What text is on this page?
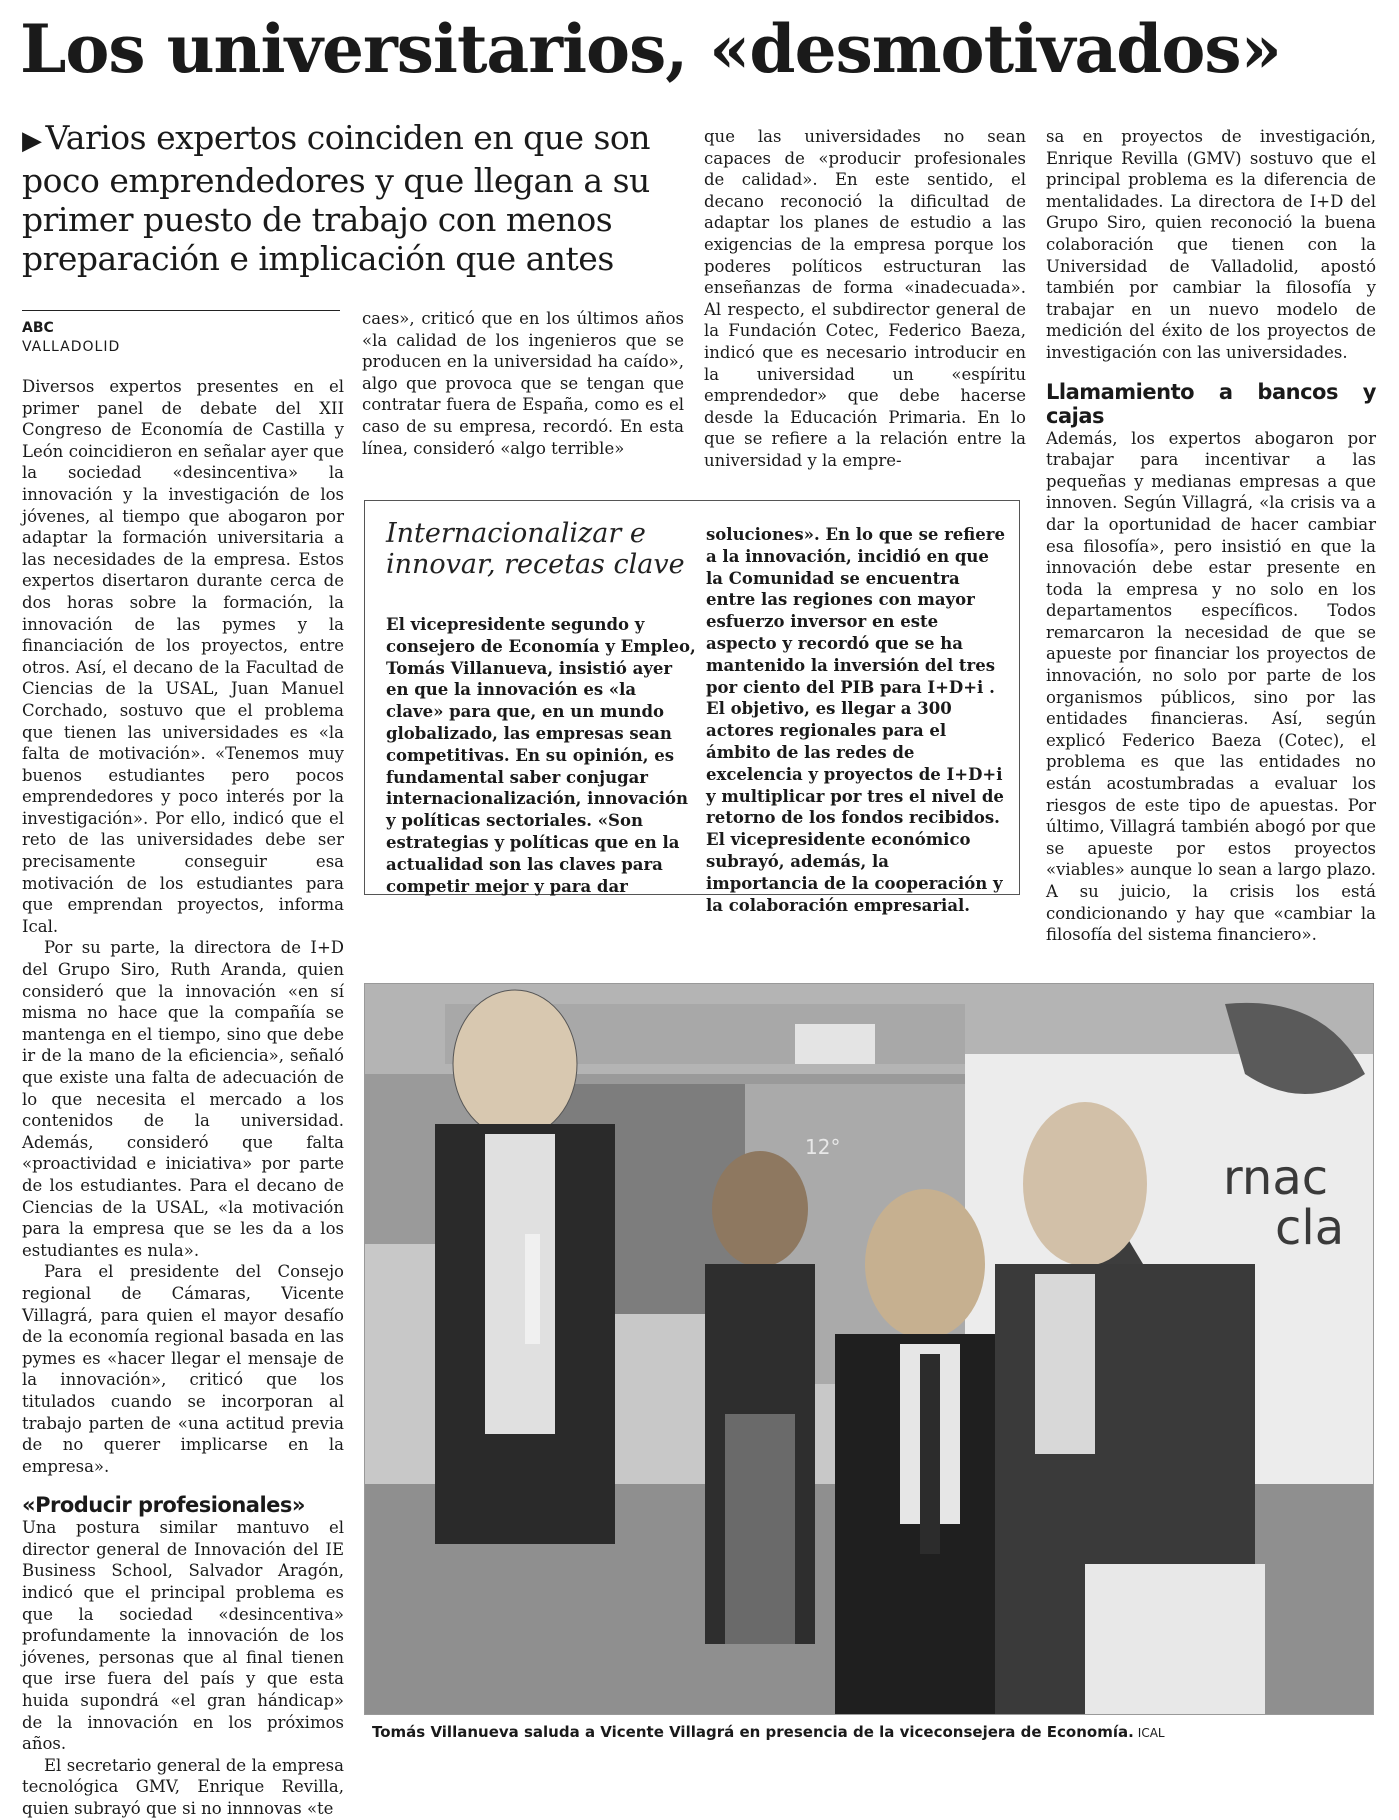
Los universitarios, «desmotivados»
▶ Varios expertos coinciden en que son poco emprendedores y que llegan a su primer puesto de trabajo con menos preparación e implicación que antes
ABC
VALLADOLID

Diversos expertos presentes en el primer panel de debate del XII Congreso de Economía de Castilla y León coincidieron en señalar ayer que la sociedad «desincentiva» la innovación y la investigación de los jóvenes, al tiempo que abogaron por adaptar la formación universitaria a las necesidades de la empresa. Estos expertos disertaron durante cerca de dos horas sobre la formación, la innovación de las pymes y la financiación de los proyectos, entre otros. Así, el decano de la Facultad de Ciencias de la USAL, Juan Manuel Corchado, sostuvo que el problema que tienen las universidades es «la falta de motivación». «Tenemos muy buenos estudiantes pero pocos emprendedores y poco interés por la investigación». Por ello, indicó que el reto de las universidades debe ser precisamente conseguir esa motivación de los estudiantes para que emprendan proyectos, informa Ical.

Por su parte, la directora de I+D del Grupo Siro, Ruth Aranda, quien consideró que la innovación «en sí misma no hace que la compañía se mantenga en el tiempo, sino que debe ir de la mano de la eficiencia», señaló que existe una falta de adecuación de lo que necesita el mercado a los contenidos de la universidad. Además, consideró que falta «proactividad e iniciativa» por parte de los estudiantes. Para el decano de Ciencias de la USAL, «la motivación para la empresa que se les da a los estudiantes es nula».

Para el presidente del Consejo regional de Cámaras, Vicente Villagrá, para quien el mayor desafío de la economía regional basada en las pymes es «hacer llegar el mensaje de la innovación», criticó que los titulados cuando se incorporan al trabajo parten de «una actitud previa de no querer implicarse en la empresa».

«Producir profesionales»

Una postura similar mantuvo el director general de Innovación del IE Business School, Salvador Aragón, indicó que el principal problema es que la sociedad «desincentiva» profundamente la innovación de los jóvenes, personas que al final tienen que irse fuera del país y que esta huida supondrá «el gran hándicap» de la innovación en los próximos años.

El secretario general de la empresa tecnológica GMV, Enrique Revilla, quien subrayó que si no innnovas «te

caes», criticó que en los últimos años «la calidad de los ingenieros que se producen en la universidad ha caído», algo que provoca que se tengan que contratar fuera de España, como es el caso de su empresa, recordó. En esta línea, consideró «algo terrible»

que las universidades no sean capaces de «producir profesionales de calidad». En este sentido, el decano reconoció la dificultad de adaptar los planes de estudio a las exigencias de la empresa porque los poderes políticos estructuran las enseñanzas de forma «inadecuada». Al respecto, el subdirector general de la Fundación Cotec, Federico Baeza, indicó que es necesario introducir en la universidad un «espíritu emprendedor» que debe hacerse desde la Educación Primaria. En lo que se refiere a la relación entre la universidad y la empre-

sa en proyectos de investigación, Enrique Revilla (GMV) sostuvo que el principal problema es la diferencia de mentalidades. La directora de I+D del Grupo Siro, quien reconoció la buena colaboración que tienen con la Universidad de Valladolid, apostó también por cambiar la filosofía y trabajar en un nuevo modelo de medición del éxito de los proyectos de investigación con las universidades.

Llamamiento a bancos y cajas

Además, los expertos abogaron por trabajar para incentivar a las pequeñas y medianas empresas a que innoven. Según Villagrá, «la crisis va a dar la oportunidad de hacer cambiar esa filosofía», pero insistió en que la innovación debe estar presente en toda la empresa y no solo en los departamentos específicos. Todos remarcaron la necesidad de que se apueste por financiar los proyectos de innovación, no solo por parte de los organismos públicos, sino por las entidades financieras. Así, según explicó Federico Baeza (Cotec), el problema es que las entidades no están acostumbradas a evaluar los riesgos de este tipo de apuestas. Por último, Villagrá también abogó por que se apueste por estos proyectos «viables» aunque lo sean a largo plazo. A su juicio, la crisis los está condicionando y hay que «cambiar la filosofía del sistema financiero».

Internacionalizar e innovar, recetas clave
El vicepresidente segundo y consejero de Economía y Empleo, Tomás Villanueva, insistió ayer en que la innovación es «la clave» para que, en un mundo globalizado, las empresas sean competitivas. En su opinión, es fundamental saber conjugar internacionalización, innovación y políticas sectoriales. «Son estrategias y políticas que en la actualidad son las claves para competir mejor y para dar
soluciones». En lo que se refiere a la innovación, incidió en que la Comunidad se encuentra entre las regiones con mayor esfuerzo inversor en este aspecto y recordó que se ha mantenido la inversión del tres por ciento del PIB para I+D+i . El objetivo, es llegar a 300 actores regionales para el ámbito de las redes de excelencia y proyectos de I+D+i y multiplicar por tres el nivel de retorno de los fondos recibidos. El vicepresidente económico subrayó, además, la importancia de la cooperación y la colaboración empresarial.
rnac
cla
12°
Tomás Villanueva saluda a Vicente Villagrá en presencia de la viceconsejera de Economía. ICAL
